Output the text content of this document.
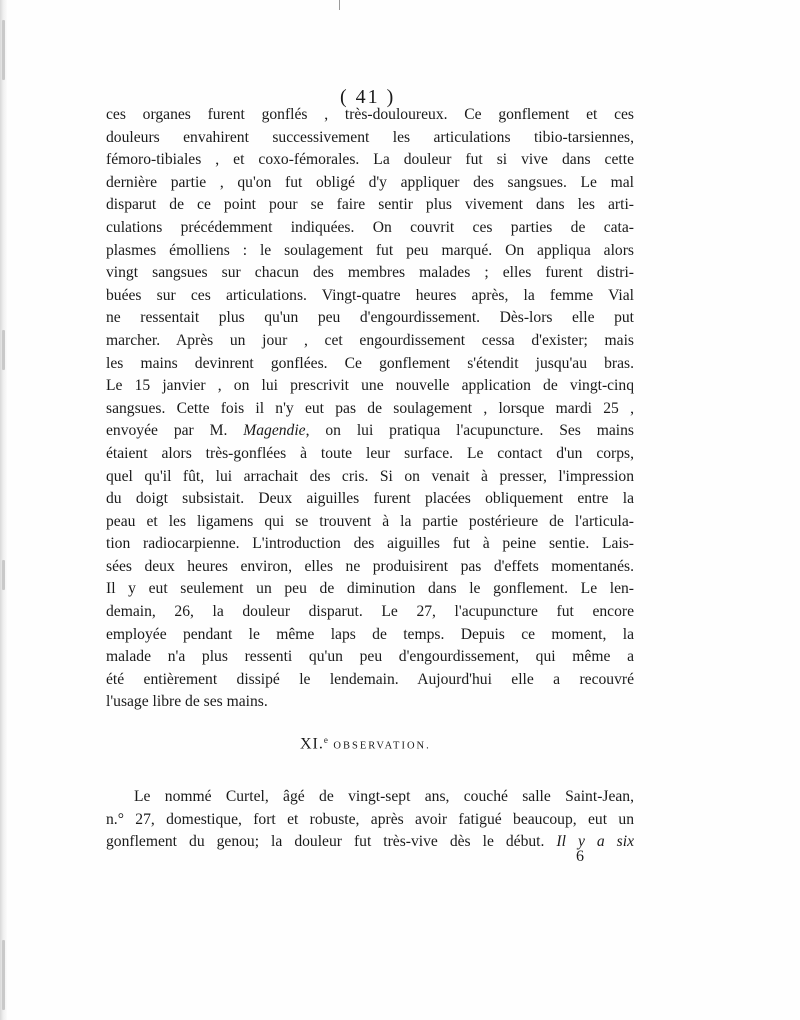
( 41 )
ces organes furent gonflés , très-douloureux. Ce gonflement et ces
douleurs envahirent successivement les articulations tibio-tarsiennes,
fémoro-tibiales , et coxo-fémorales. La douleur fut si vive dans cette
dernière partie , qu'on fut obligé d'y appliquer des sangsues. Le mal
disparut de ce point pour se faire sentir plus vivement dans les arti-
culations précédemment indiquées. On couvrit ces parties de cata-
plasmes émolliens : le soulagement fut peu marqué. On appliqua alors
vingt sangsues sur chacun des membres malades ; elles furent distri-
buées sur ces articulations. Vingt-quatre heures après, la femme Vial
ne ressentait plus qu'un peu d'engourdissement. Dès-lors elle put
marcher. Après un jour , cet engourdissement cessa d'exister; mais
les mains devinrent gonflées. Ce gonflement s'étendit jusqu'au bras.
Le 15 janvier , on lui prescrivit une nouvelle application de vingt-cinq
sangsues. Cette fois il n'y eut pas de soulagement , lorsque mardi 25 ,
envoyée par M. Magendie, on lui pratiqua l'acupuncture. Ses mains
étaient alors très-gonflées à toute leur surface. Le contact d'un corps,
quel qu'il fût, lui arrachait des cris. Si on venait à presser, l'impression
du doigt subsistait. Deux aiguilles furent placées obliquement entre la
peau et les ligamens qui se trouvent à la partie postérieure de l'articula-
tion radiocarpienne. L'introduction des aiguilles fut à peine sentie. Lais-
sées deux heures environ, elles ne produisirent pas d'effets momentanés.
Il y eut seulement un peu de diminution dans le gonflement. Le len-
demain, 26, la douleur disparut. Le 27, l'acupuncture fut encore
employée pendant le même laps de temps. Depuis ce moment, la
malade n'a plus ressenti qu'un peu d'engourdissement, qui même a
été entièrement dissipé le lendemain. Aujourd'hui elle a recouvré
l'usage libre de ses mains.
XI.$^e$ OBSERVATION.
Le nommé Curtel, âgé de vingt-sept ans, couché salle Saint-Jean,
n.° 27, domestique, fort et robuste, après avoir fatigué beaucoup, eut un
gonflement du genou; la douleur fut très-vive dès le début. Il y a six
6
